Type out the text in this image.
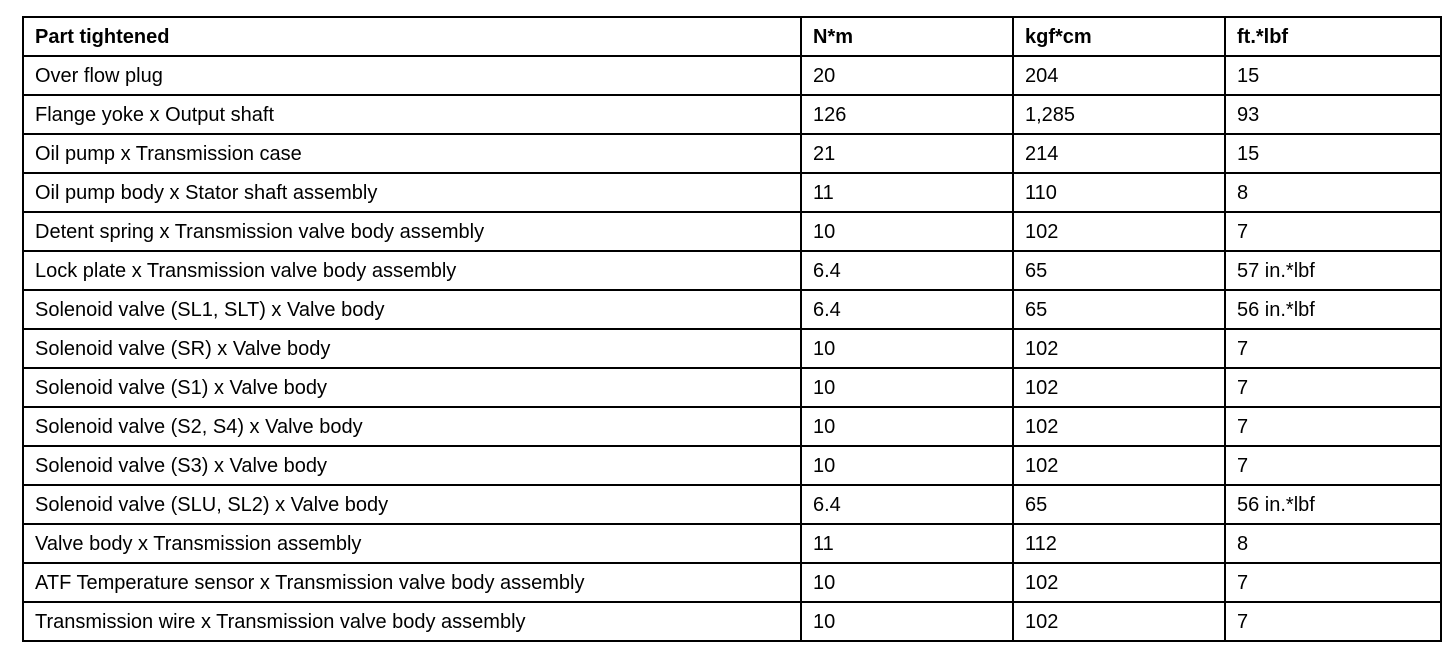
Part tightened	N*m	kgf*cm	ft.*lbf
Over flow plug	20	204	15
Flange yoke x Output shaft	126	1,285	93
Oil pump x Transmission case	21	214	15
Oil pump body x Stator shaft assembly	11	110	8
Detent spring x Transmission valve body assembly	10	102	7
Lock plate x Transmission valve body assembly	6.4	65	57 in.*lbf
Solenoid valve (SL1, SLT) x Valve body	6.4	65	56 in.*lbf
Solenoid valve (SR) x Valve body	10	102	7
Solenoid valve (S1) x Valve body	10	102	7
Solenoid valve (S2, S4) x Valve body	10	102	7
Solenoid valve (S3) x Valve body	10	102	7
Solenoid valve (SLU, SL2) x Valve body	6.4	65	56 in.*lbf
Valve body x Transmission assembly	11	112	8
ATF Temperature sensor x Transmission valve body assembly	10	102	7
Transmission wire x Transmission valve body assembly	10	102	7
